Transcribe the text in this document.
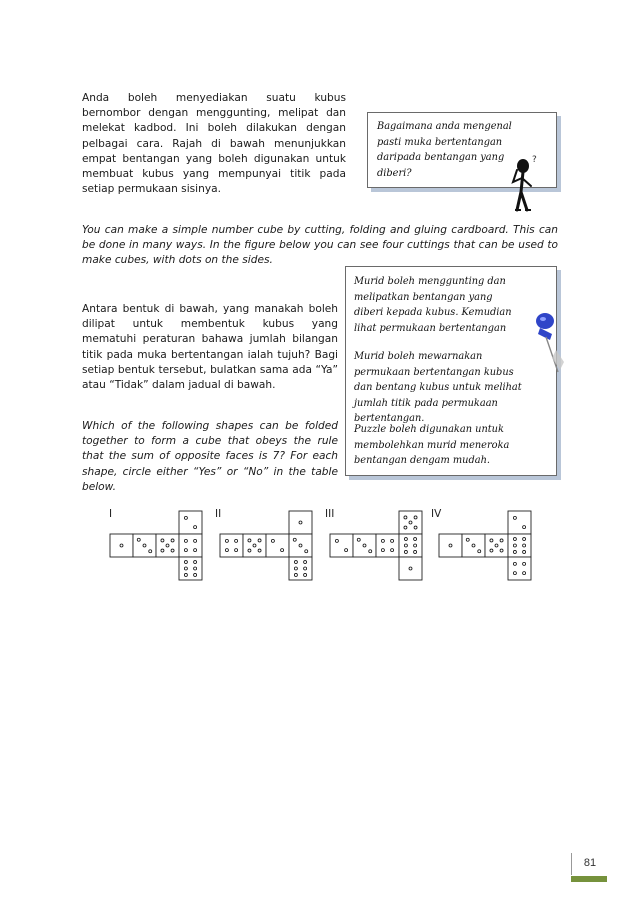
Anda boleh menyediakan suatu kubus bernombor dengan menggunting, melipat dan melekat kadbod. Ini boleh dilakukan dengan pelbagai cara. Rajah di bawah menunjukkan empat bentangan yang boleh digunakan untuk membuat kubus yang mempunyai titik pada setiap permukaan sisinya.

Bagaimana anda mengenal pasti muka bertentangan daripada bentangan yang diberi?

?

You can make a simple number cube by cutting, folding and gluing cardboard. This can be done in many ways. In the figure below you can see four cuttings that can be used to make cubes, with dots on the sides.

Murid boleh menggunting dan melipatkan bentangan yang diberi kepada kubus. Kemudian lihat permukaan bertentangan

Murid boleh mewarnakan permukaan bertentangan kubus dan bentang kubus untuk melihat jumlah titik pada permukaan bertentangan.

Puzzle boleh digunakan untuk membolehkan murid meneroka bentangan dengam mudah.

Antara bentuk di bawah, yang manakah boleh dilipat untuk membentuk kubus yang mematuhi peraturan bahawa jumlah bilangan titik pada muka bertentangan ialah tujuh? Bagi setiap bentuk tersebut, bulatkan sama ada “Ya” atau “Tidak” dalam jadual di bawah.

Which of the following shapes can be folded together to form a cube that obeys the rule that the sum of opposite faces is 7? For each shape, circle either “Yes” or “No” in the table below.

I	II	III	IV
81
